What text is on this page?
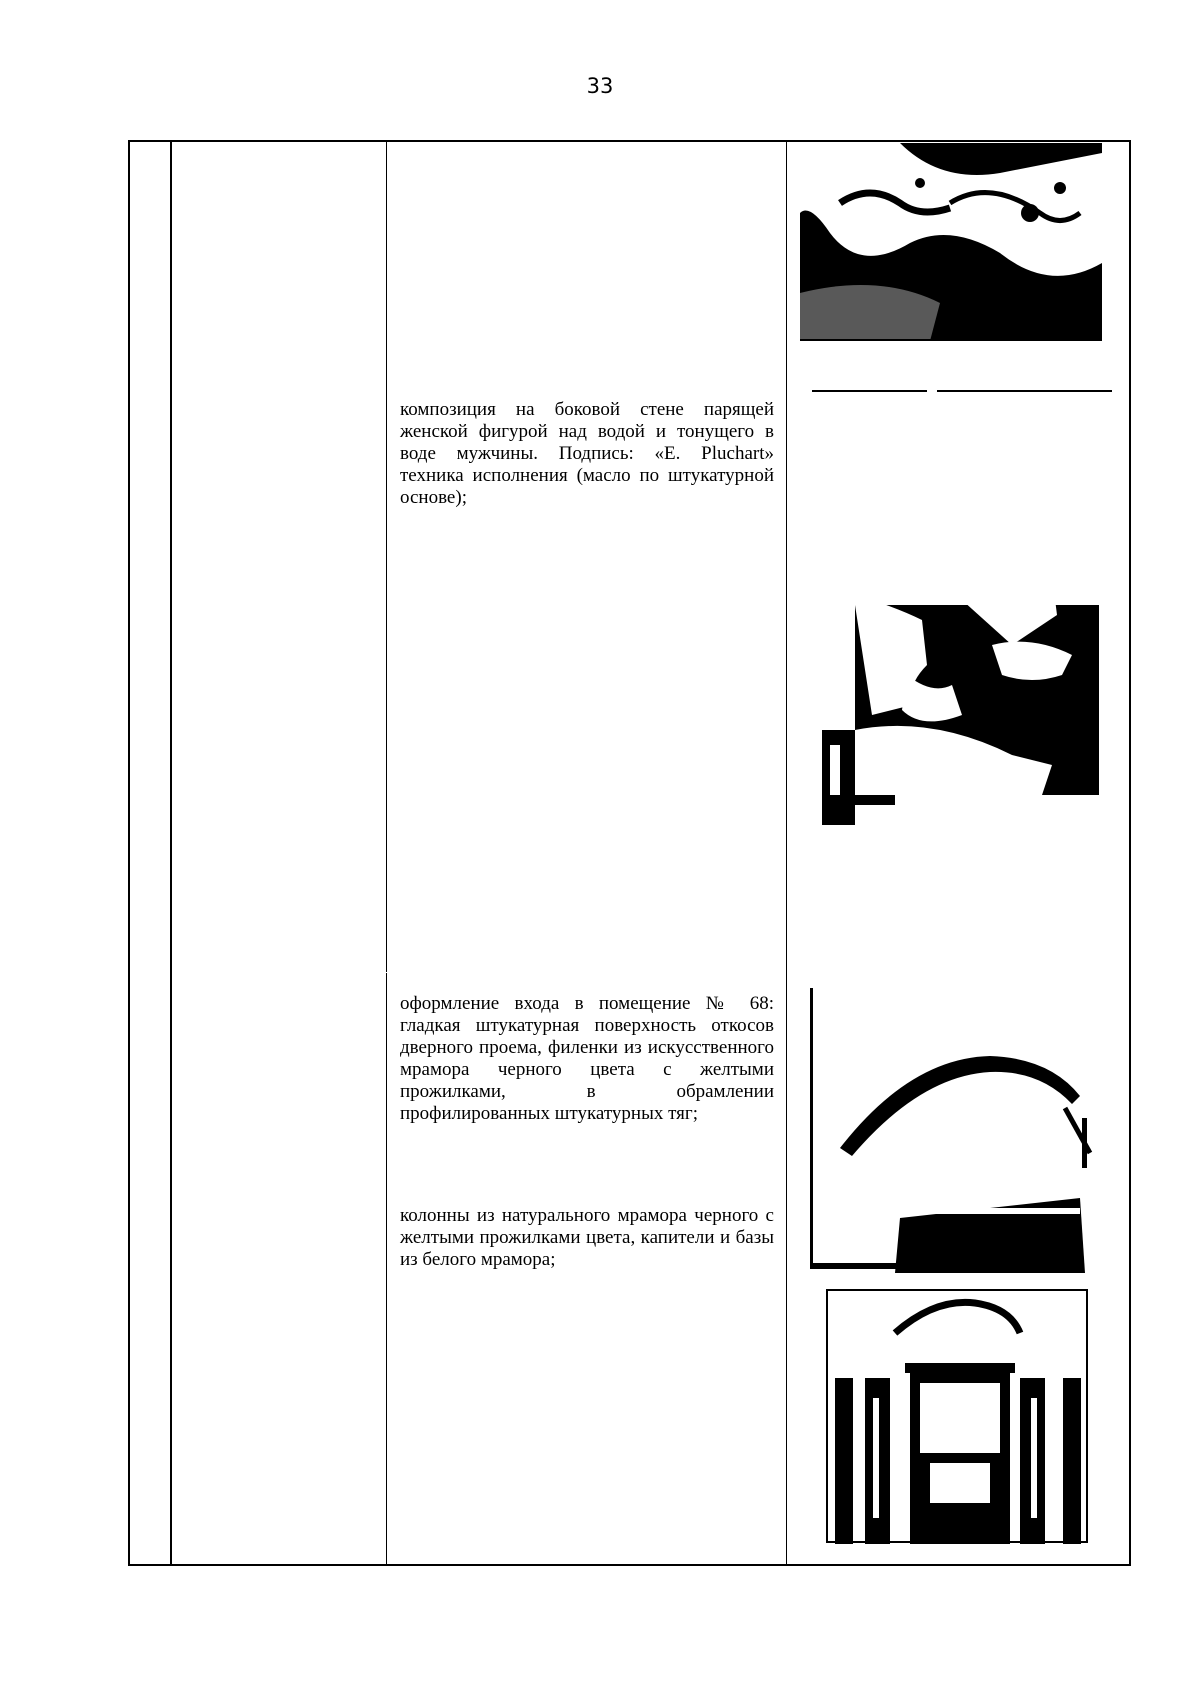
33

композиция на боковой стене парящей женской фигурой над водой и тонущего в воде мужчины. Подпись: «E. Pluchart» техника исполнения (масло по штукатурной основе);

оформление входа в помещение № 68: гладкая штукатурная поверхность откосов дверного проема, филенки из искусственного мрамора черного цвета с желтыми прожилками, в обрамлении профилированных штукатурных тяг;

колонны из натурального мрамора черного с желтыми прожилками цвета, капители и базы из белого мрамора;
